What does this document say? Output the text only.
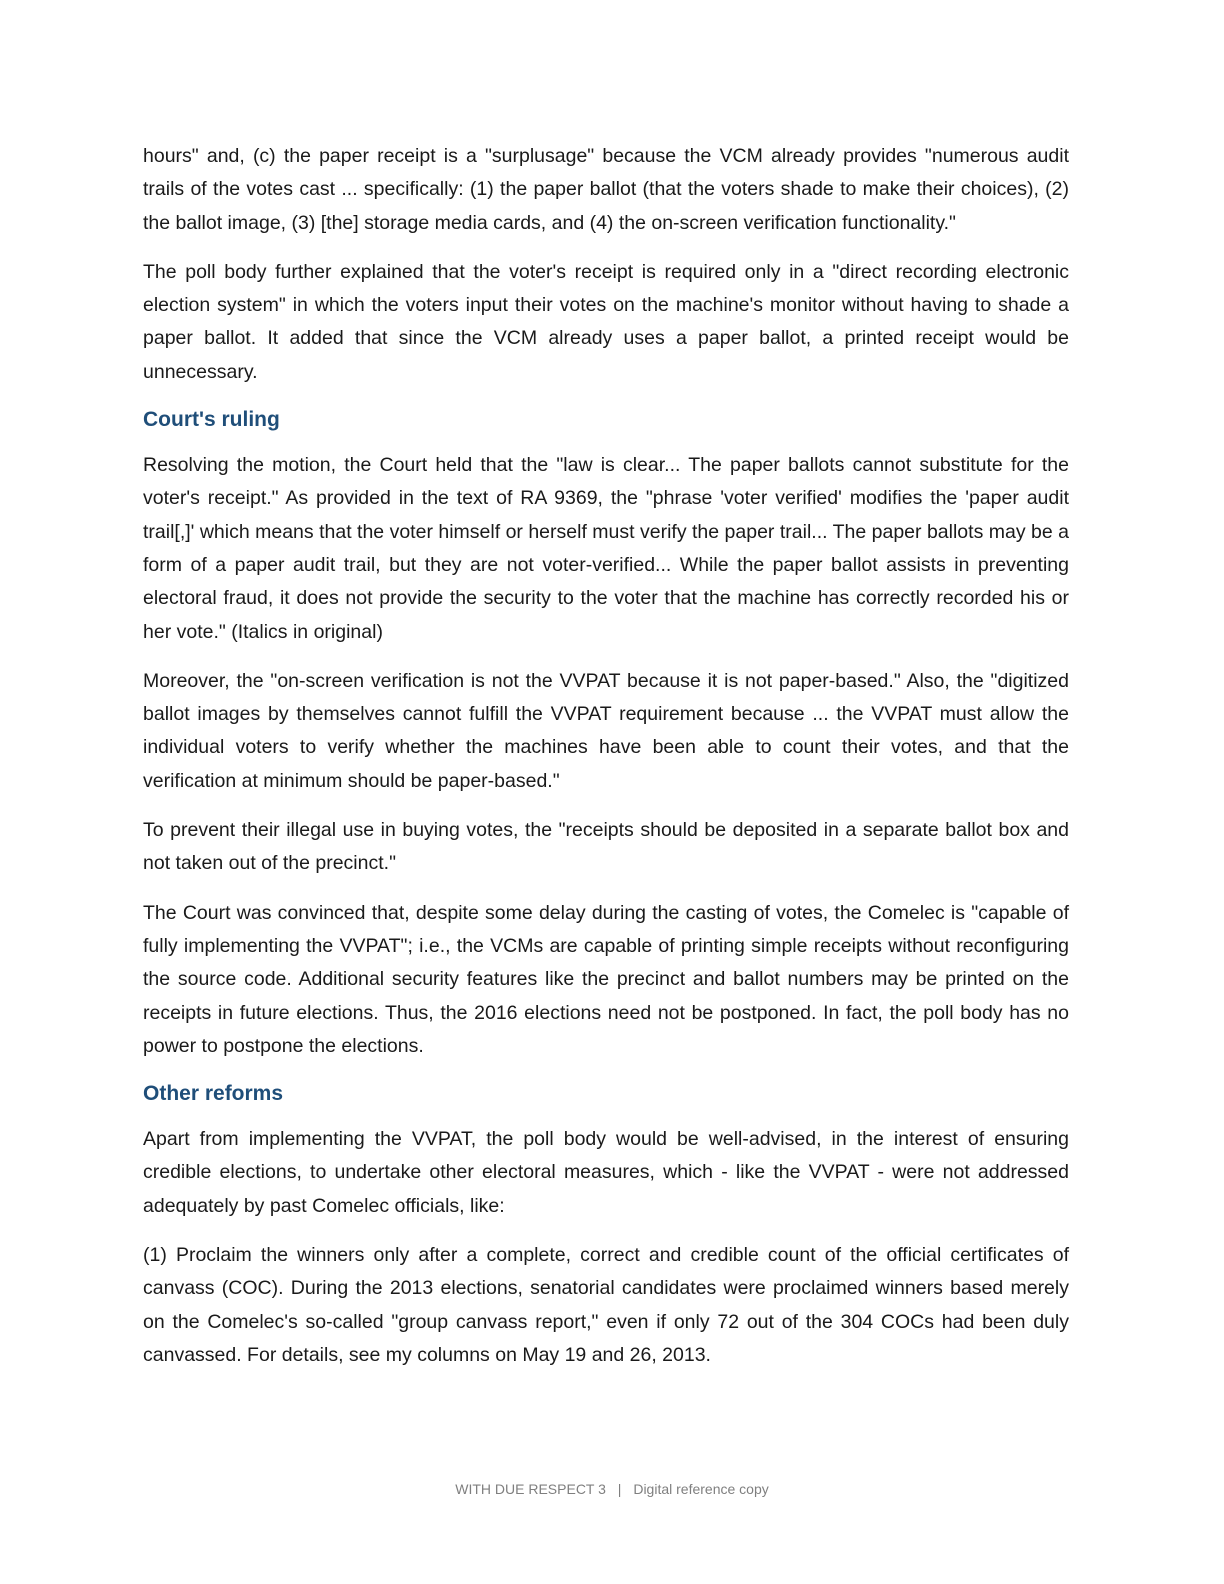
hours" and, (c) the paper receipt is a "surplusage" because the VCM already provides "numerous audit trails of the votes cast ... specifically: (1) the paper ballot (that the voters shade to make their choices), (2) the ballot image, (3) [the] storage media cards, and (4) the on-screen verification functionality."

The poll body further explained that the voter's receipt is required only in a "direct recording electronic election system" in which the voters input their votes on the machine's monitor without having to shade a paper ballot. It added that since the VCM already uses a paper ballot, a printed receipt would be unnecessary.

Court's ruling

Resolving the motion, the Court held that the "law is clear... The paper ballots cannot substitute for the voter's receipt." As provided in the text of RA 9369, the "phrase 'voter verified' modifies the 'paper audit trail[,]' which means that the voter himself or herself must verify the paper trail... The paper ballots may be a form of a paper audit trail, but they are not voter-verified... While the paper ballot assists in preventing electoral fraud, it does not provide the security to the voter that the machine has correctly recorded his or her vote." (Italics in original)

Moreover, the "on-screen verification is not the VVPAT because it is not paper-based." Also, the "digitized ballot images by themselves cannot fulfill the VVPAT requirement because ... the VVPAT must allow the individual voters to verify whether the machines have been able to count their votes, and that the verification at minimum should be paper-based."

To prevent their illegal use in buying votes, the "receipts should be deposited in a separate ballot box and not taken out of the precinct."

The Court was convinced that, despite some delay during the casting of votes, the Comelec is "capable of fully implementing the VVPAT"; i.e., the VCMs are capable of printing simple receipts without reconfiguring the source code. Additional security features like the precinct and ballot numbers may be printed on the receipts in future elections. Thus, the 2016 elections need not be postponed. In fact, the poll body has no power to postpone the elections.

Other reforms

Apart from implementing the VVPAT, the poll body would be well-advised, in the interest of ensuring credible elections, to undertake other electoral measures, which - like the VVPAT - were not addressed adequately by past Comelec officials, like:

(1) Proclaim the winners only after a complete, correct and credible count of the official certificates of canvass (COC). During the 2013 elections, senatorial candidates were proclaimed winners based merely on the Comelec's so-called "group canvass report," even if only 72 out of the 304 COCs had been duly canvassed. For details, see my columns on May 19 and 26, 2013.

WITH DUE RESPECT 3 | Digital reference copy
